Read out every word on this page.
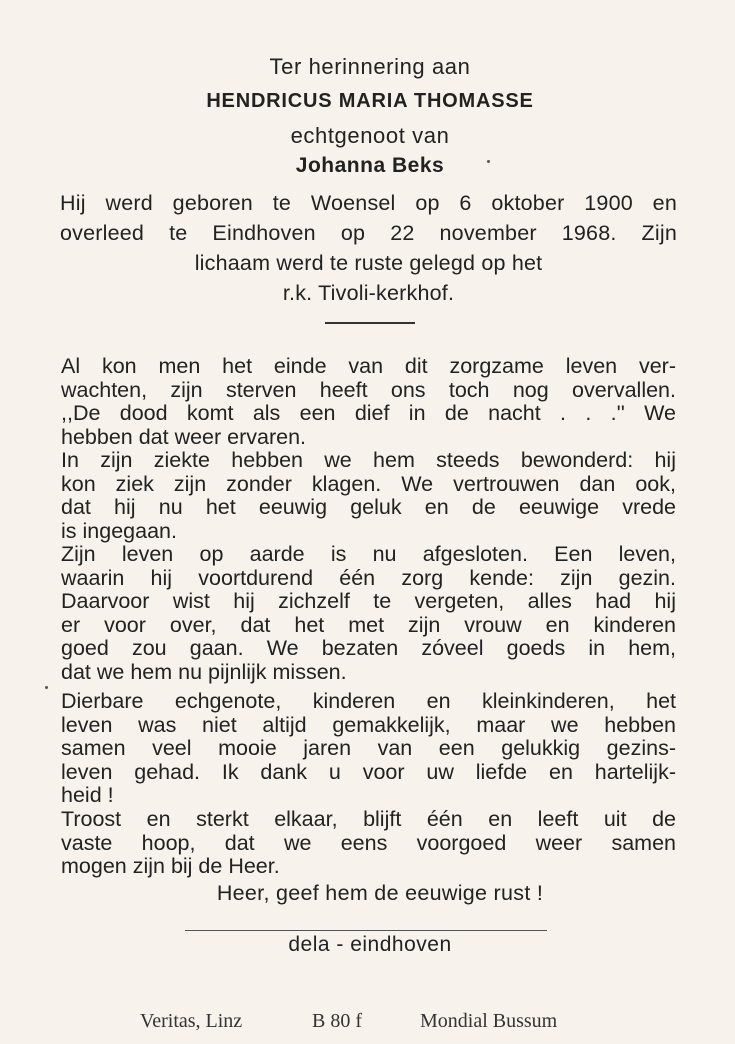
Ter herinnering aan

HENDRICUS MARIA THOMASSE

echtgenoot van

Johanna Beks

Hij werd geboren te Woensel op 6 oktober 1900 en
overleed te Eindhoven op 22 november 1968. Zijn
lichaam werd te ruste gelegd op het
r.k. Tivoli-kerkhof.
Al kon men het einde van dit zorgzame leven ver-
wachten, zijn sterven heeft ons toch nog overvallen.
,,De dood komt als een dief in de nacht . . .'' We
hebben dat weer ervaren.
In zijn ziekte hebben we hem steeds bewonderd: hij
kon ziek zijn zonder klagen. We vertrouwen dan ook,
dat hij nu het eeuwig geluk en de eeuwige vrede
is ingegaan.
Zijn leven op aarde is nu afgesloten. Een leven,
waarin hij voortdurend één zorg kende: zijn gezin.
Daarvoor wist hij zichzelf te vergeten, alles had hij
er voor over, dat het met zijn vrouw en kinderen
goed zou gaan. We bezaten zóveel goeds in hem,
dat we hem nu pijnlijk missen.
Dierbare echgenote, kinderen en kleinkinderen, het
leven was niet altijd gemakkelijk, maar we hebben
samen veel mooie jaren van een gelukkig gezins-
leven gehad. Ik dank u voor uw liefde en hartelijk-
heid !
Troost en sterkt elkaar, blijft één en leeft uit de
vaste hoop, dat we eens voorgoed weer samen
mogen zijn bij de Heer.

Heer, geef hem de eeuwige rust !

dela - eindhoven

Veritas, Linz	B 80 f	Mondial Bussum
